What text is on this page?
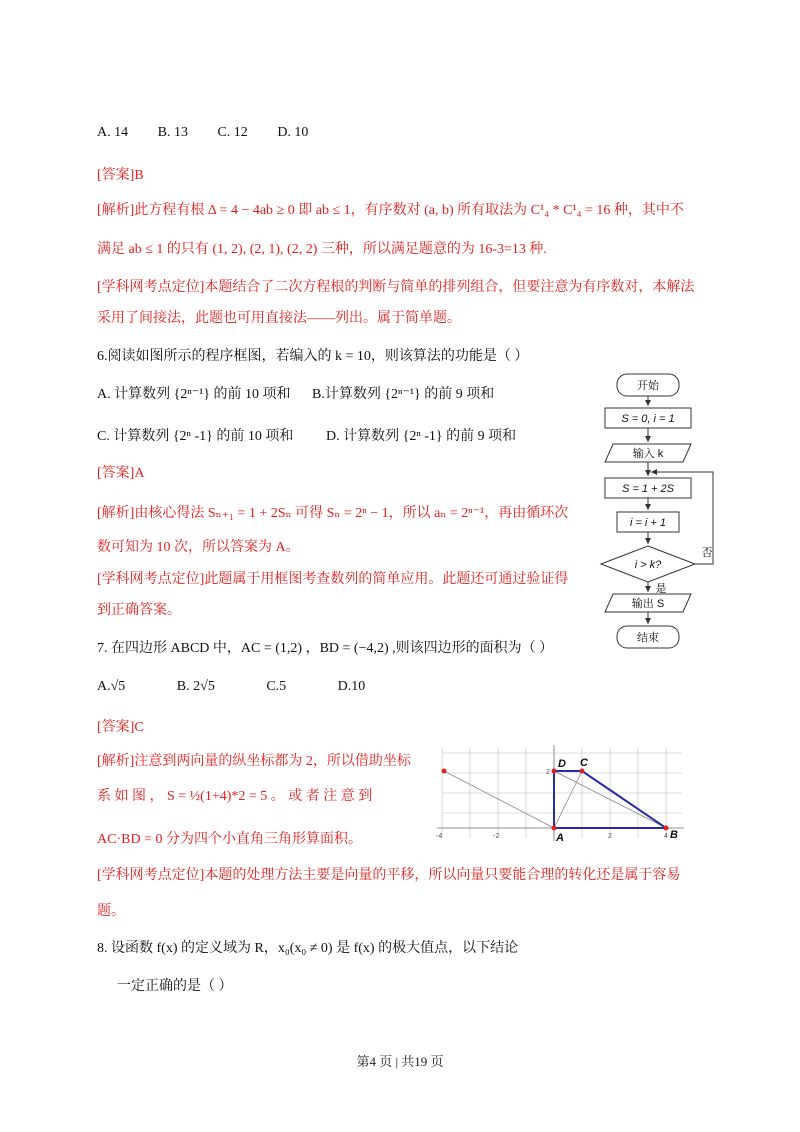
A. 14 B. 13 C. 12 D. 10
[答案]B
[解析]此方程有根 Δ = 4 − 4ab ≥ 0 即 ab ≤ 1，有序数对 (a, b) 所有取法为 C¹₄ * C¹₄ = 16 种，其中不
满足 ab ≤ 1 的只有 (1, 2), (2, 1), (2, 2) 三种，所以满足题意的为 16-3=13 种.
[学科网考点定位]本题结合了二次方程根的判断与简单的排列组合，但要注意为有序数对，本解法
采用了间接法，此题也可用直接法——列出。属于简单题。
6.阅读如图所示的程序框图，若编入的 k = 10，则该算法的功能是（ ）
A. 计算数列 {2ⁿ⁻¹} 的前 10 项和 B.计算数列 {2ⁿ⁻¹} 的前 9 项和
C. 计算数列 {2ⁿ -1} 的前 10 项和 D. 计算数列 {2ⁿ -1} 的前 9 项和
[答案]A
[解析]由核心得法 Sₙ₊₁ = 1 + 2Sₙ 可得 Sₙ = 2ⁿ − 1，所以 aₙ = 2ⁿ⁻¹，再由循环次
数可知为 10 次，所以答案为 A。
[学科网考点定位]此题属于用框图考查数列的简单应用。此题还可通过验证得
到正确答案。
开始
S = 0, i = 1
输入 k
S = 1 + 2S
i = i + 1
i > k?
否
是
输出 S
结束
7. 在四边形 ABCD 中，AC = (1,2) ，BD = (−4,2) ,则该四边形的面积为（ ）
A.√5	B. 2√5	C.5	D.10
[答案]C
[解析]注意到两向量的纵坐标都为 2，所以借助坐标
系 如 图 ， S = ½(1+4)*2 = 5 。 或 者 注 意 到
AC·BD = 0 分为四个小直角三角形算面积。
[学科网考点定位]本题的处理方法主要是向量的平移，所以向量只要能合理的转化还是属于容易
题。
D C
A	B
-4	-2	2	4
2
8. 设函数 f(x) 的定义域为 R，x₀(x₀ ≠ 0) 是 f(x) 的极大值点，以下结论
一定正确的是（ ）
第4 页 | 共19 页
